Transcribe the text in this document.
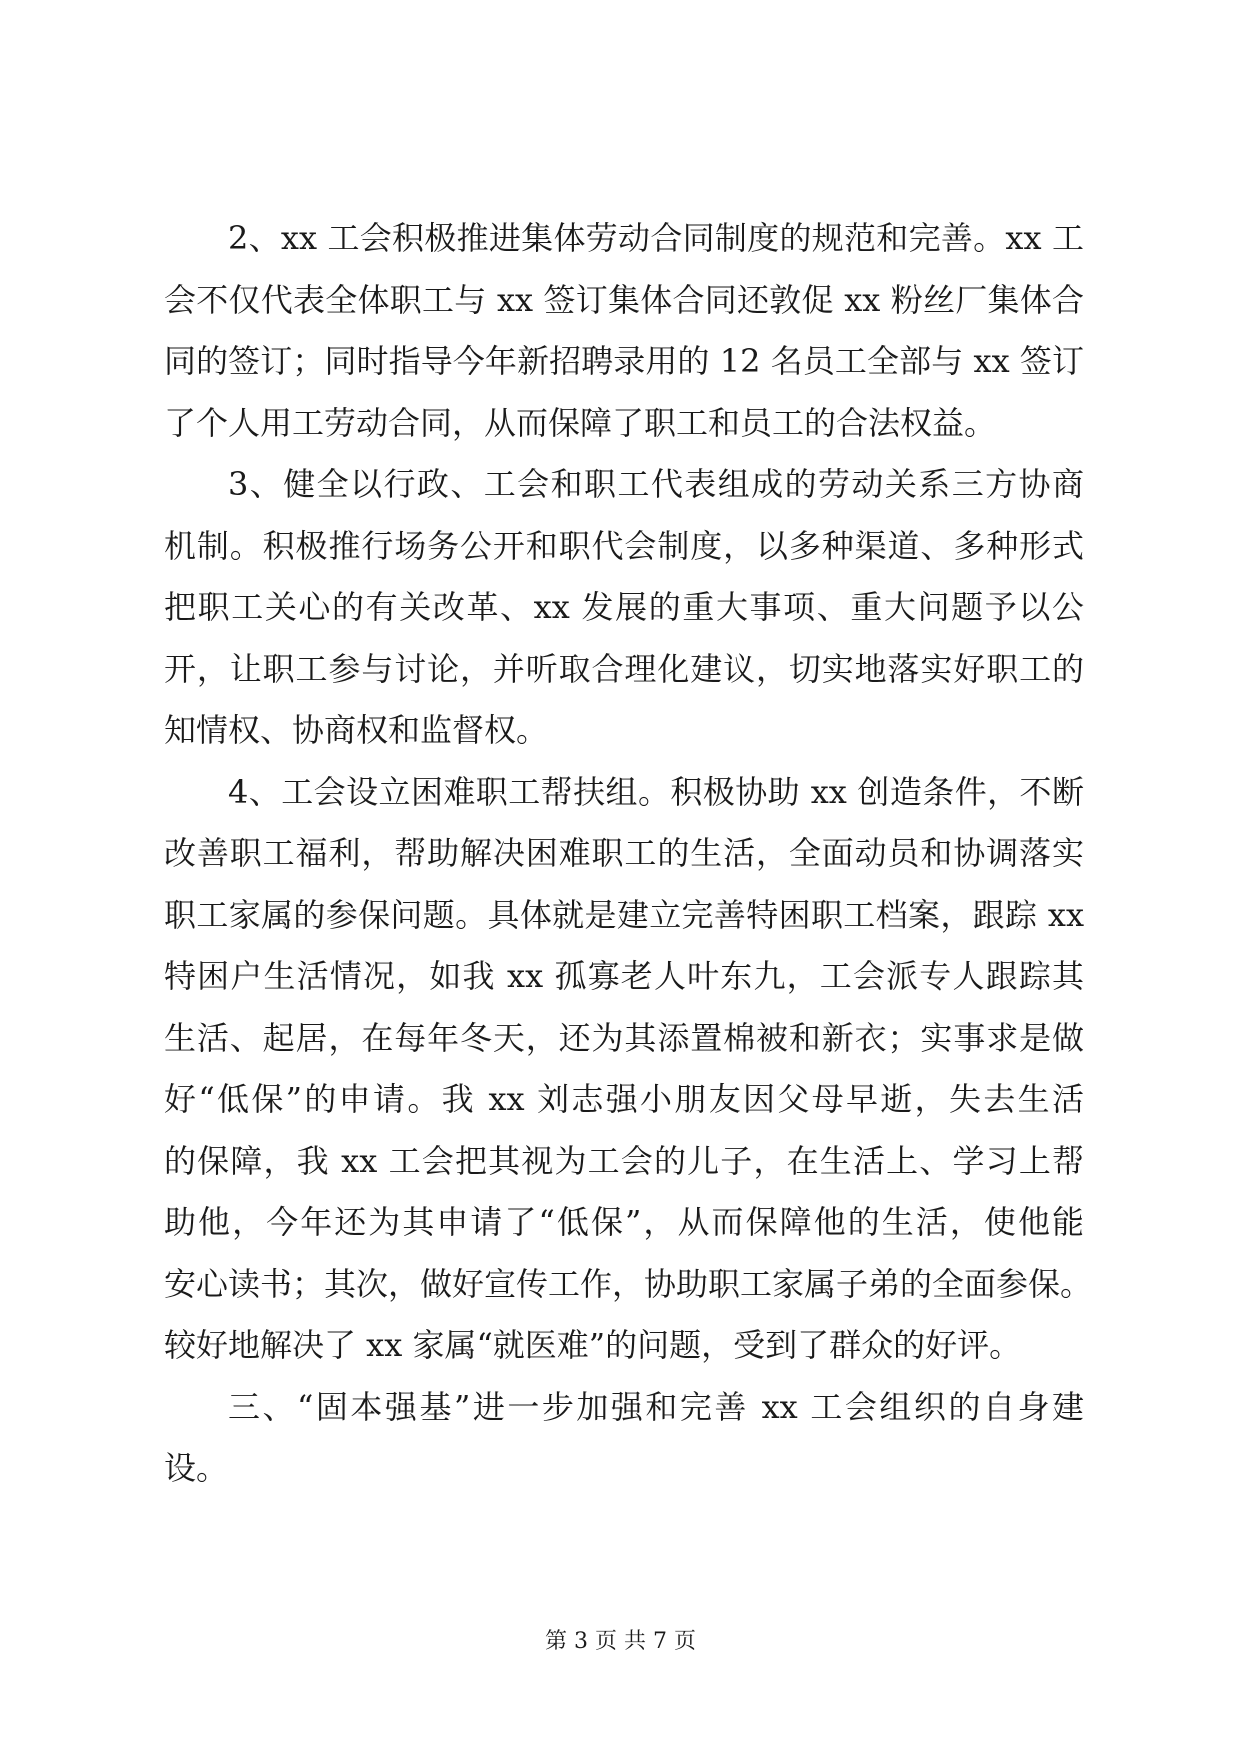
2、xx 工会积极推进集体劳动合同制度的规范和完善。xx 工
会不仅代表全体职工与 xx 签订集体合同还敦促 xx 粉丝厂集体合
同的签订；同时指导今年新招聘录用的 12 名员工全部与 xx 签订
了个人用工劳动合同，从而保障了职工和员工的合法权益。
3、健全以行政、工会和职工代表组成的劳动关系三方协商
机制。积极推行场务公开和职代会制度，以多种渠道、多种形式
把职工关心的有关改革、xx 发展的重大事项、重大问题予以公
开，让职工参与讨论，并听取合理化建议，切实地落实好职工的
知情权、协商权和监督权。
4、工会设立困难职工帮扶组。积极协助 xx 创造条件，不断
改善职工福利，帮助解决困难职工的生活，全面动员和协调落实
职工家属的参保问题。具体就是建立完善特困职工档案，跟踪 xx
特困户生活情况，如我 xx 孤寡老人叶东九，工会派专人跟踪其
生活、起居，在每年冬天，还为其添置棉被和新衣；实事求是做
好“低保”的申请。我 xx 刘志强小朋友因父母早逝，失去生活
的保障，我 xx 工会把其视为工会的儿子，在生活上、学习上帮
助他，今年还为其申请了“低保”，从而保障他的生活，使他能
安心读书；其次，做好宣传工作，协助职工家属子弟的全面参保。
较好地解决了 xx 家属“就医难”的问题，受到了群众的好评。
三、“固本强基”进一步加强和完善 xx 工会组织的自身建
设。
第 3 页 共 7 页
